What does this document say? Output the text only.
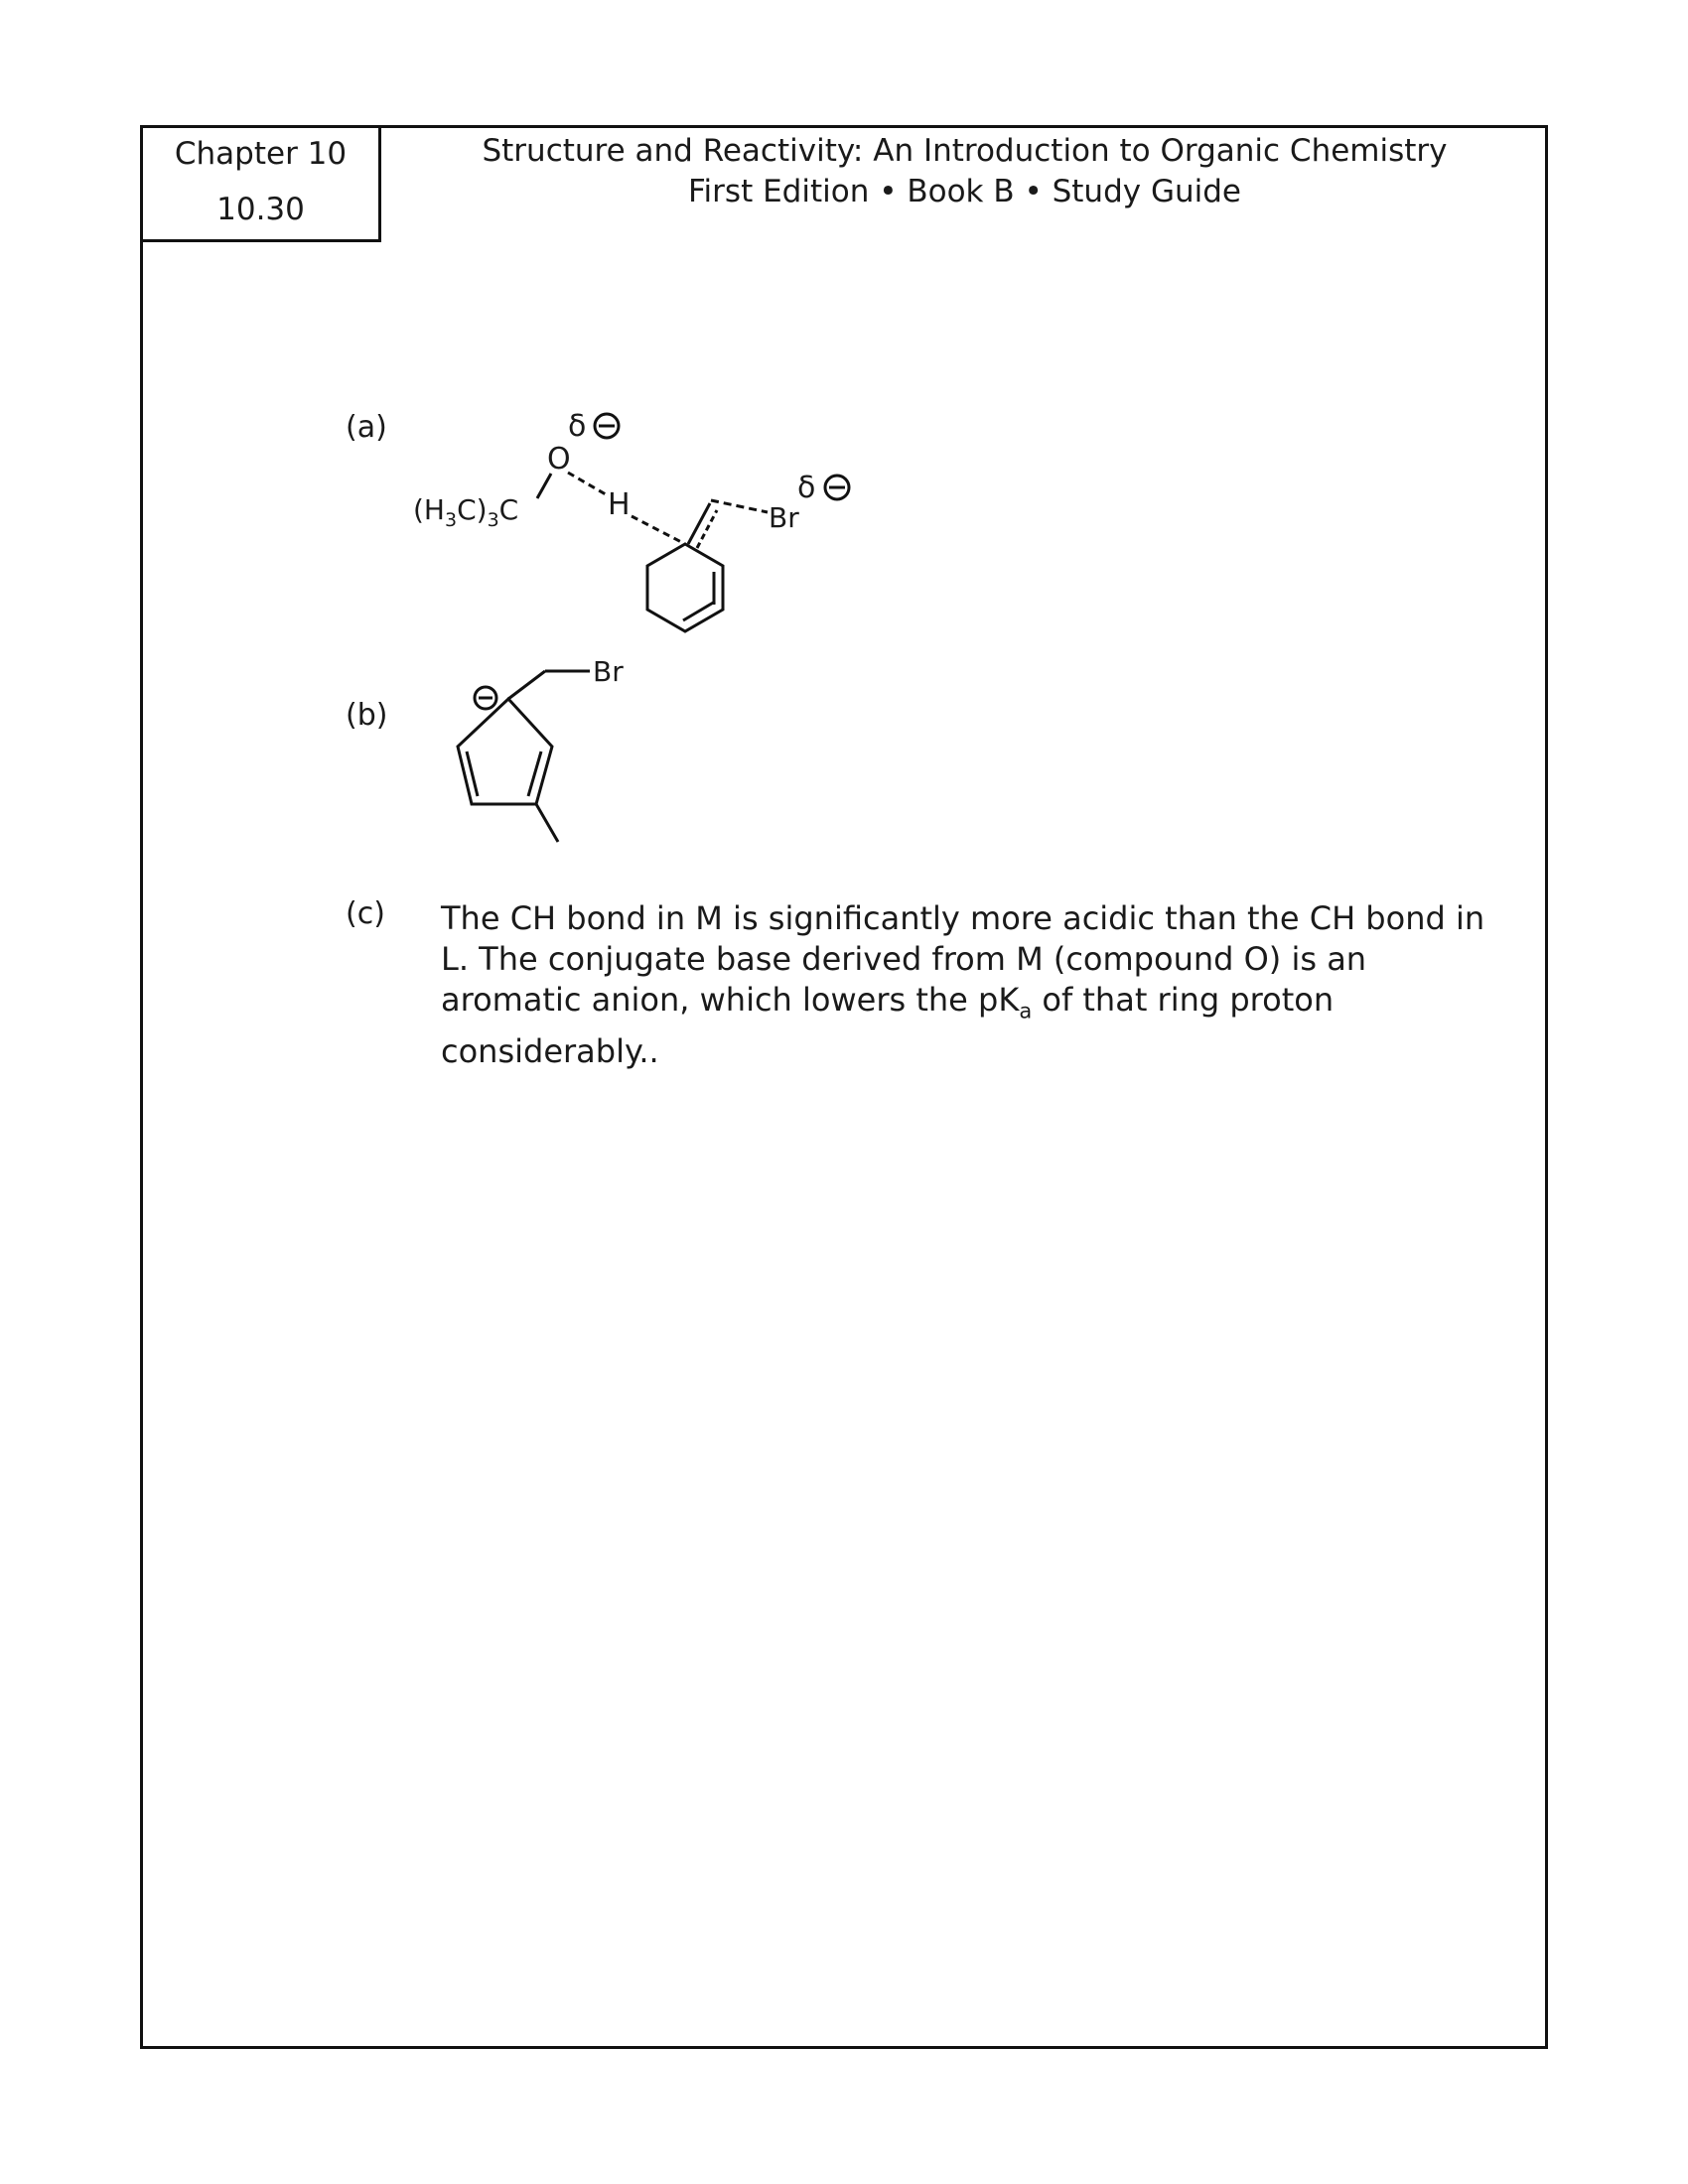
Chapter 10
10.30
Structure and Reactivity: An Introduction to Organic Chemistry
First Edition • Book B • Study Guide
(a)
(b)
(c)
δ
O
$(H_3C)_3C$	H	Br
δ
Br
The CH bond in M is significantly more acidic than the CH bond in L. The conjugate base derived from M (compound O) is an aromatic anion, which lowers the $pK_a$ of that ring proton considerably..
